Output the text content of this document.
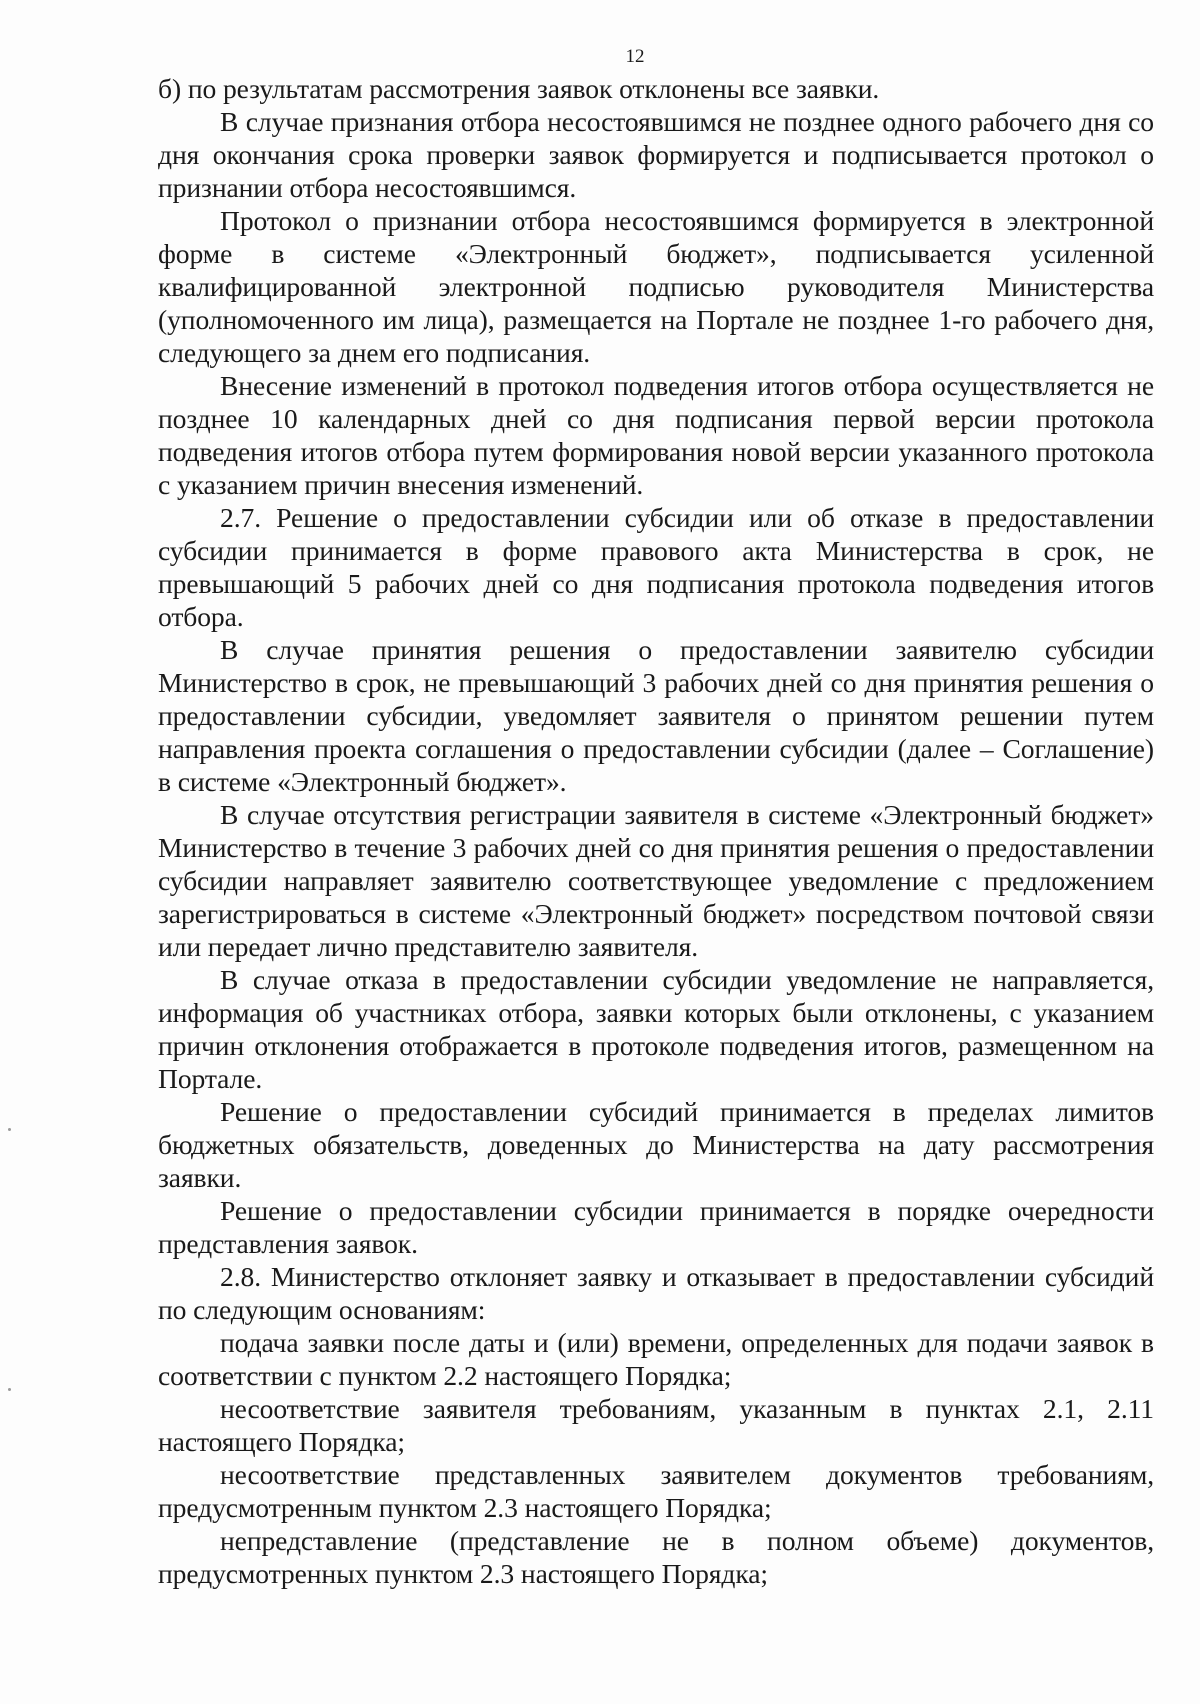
12

б) по результатам рассмотрения заявок отклонены все заявки.

В случае признания отбора несостоявшимся не позднее одного рабочего дня со дня окончания срока проверки заявок формируется и подписывается протокол о признании отбора несостоявшимся.

Протокол о признании отбора несостоявшимся формируется в электронной форме в системе «Электронный бюджет», подписывается усиленной квалифицированной электронной подписью руководителя Министерства (уполномоченного им лица), размещается на Портале не позднее 1-го рабочего дня, следующего за днем его подписания.

Внесение изменений в протокол подведения итогов отбора осуществляется не позднее 10 календарных дней со дня подписания первой версии протокола подведения итогов отбора путем формирования новой версии указанного протокола с указанием причин внесения изменений.

2.7. Решение о предоставлении субсидии или об отказе в предоставлении субсидии принимается в форме правового акта Министерства в срок, не превышающий 5 рабочих дней со дня подписания протокола подведения итогов отбора.

В случае принятия решения о предоставлении заявителю субсидии Министерство в срок, не превышающий 3 рабочих дней со дня принятия решения о предоставлении субсидии, уведомляет заявителя о принятом решении путем направления проекта соглашения о предоставлении субсидии (далее – Соглашение) в системе «Электронный бюджет».

В случае отсутствия регистрации заявителя в системе «Электронный бюджет» Министерство в течение 3 рабочих дней со дня принятия решения о предоставлении субсидии направляет заявителю соответствующее уведомление с предложением зарегистрироваться в системе «Электронный бюджет» посредством почтовой связи или передает лично представителю заявителя.

В случае отказа в предоставлении субсидии уведомление не направляется, информация об участниках отбора, заявки которых были отклонены, с указанием причин отклонения отображается в протоколе подведения итогов, размещенном на Портале.

Решение о предоставлении субсидий принимается в пределах лимитов бюджетных обязательств, доведенных до Министерства на дату рассмотрения заявки.

Решение о предоставлении субсидии принимается в порядке очередности представления заявок.

2.8. Министерство отклоняет заявку и отказывает в предоставлении субсидий по следующим основаниям:

подача заявки после даты и (или) времени, определенных для подачи заявок в соответствии с пунктом 2.2 настоящего Порядка;

несоответствие заявителя требованиям, указанным в пунктах 2.1, 2.11 настоящего Порядка;

несоответствие представленных заявителем документов требованиям, предусмотренным пунктом 2.3 настоящего Порядка;

непредставление (представление не в полном объеме) документов, предусмотренных пунктом 2.3 настоящего Порядка;
